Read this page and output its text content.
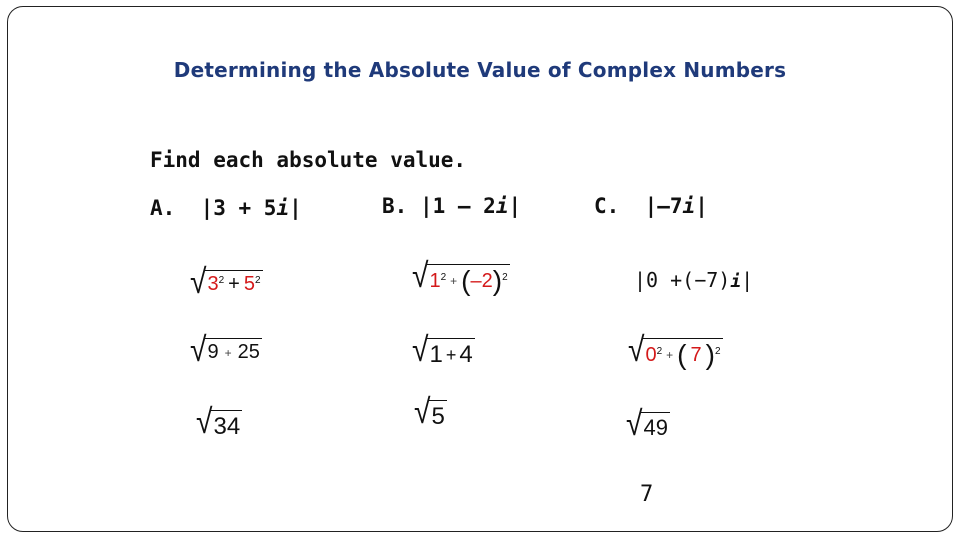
Determining the Absolute Value of Complex Numbers
Find each absolute value.
A. |3 + 5i|	B. |1 – 2i|	C. |–7i|
√ 3 2 + 5 2
√ 9 + 25
√ 34
√ 1 2 + ( –2 ) 2
√ 1 + 4
√ 5
|0 +(−7)i|
√ 0 2 + ( 7 ) 2
√ 49
7
